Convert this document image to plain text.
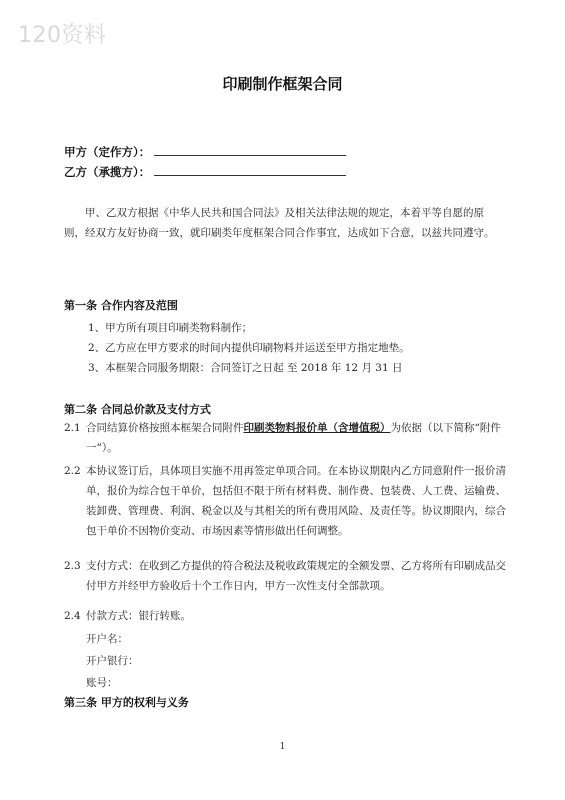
120资料
印刷制作框架合同
甲方（定作方）：
乙方（承揽方）：
甲、乙双方根据《中华人民共和国合同法》及相关法律法规的规定，本着平等自愿的原则，经双方友好协商一致，就印刷类年度框架合同合作事宜，达成如下合意，以兹共同遵守。
第一条 合作内容及范围
1、甲方所有项目印刷类物料制作；
2、乙方应在甲方要求的时间内提供印刷物料并运送至甲方指定地垫。
3、本框架合同服务期限：合同签订之日起 至 2018 年 12 月 31 日
第二条 合同总价款及支付方式
2.1 合同结算价格按照本框架合同附件印刷类物料报价单（含增值税）为依据（以下简称“附件一”）。
2.2 本协议签订后，具体项目实施不用再签定单项合同。在本协议期限内乙方同意附件一报价清单，报价为综合包干单价，包括但不限于所有材料费、制作费、包装费、人工费、运输费、装卸费、管理费、利润、税金以及与其相关的所有费用风险、及责任等。协议期限内，综合包干单价不因物价变动、市场因素等情形做出任何调整。
2.3 支付方式：在收到乙方提供的符合税法及税收政策规定的全额发票、乙方将所有印刷成品交付甲方并经甲方验收后十个工作日内，甲方一次性支付全部款项。
2.4 付款方式：银行转账。
开户名：
开户银行：
账号：
第三条 甲方的权利与义务
1
